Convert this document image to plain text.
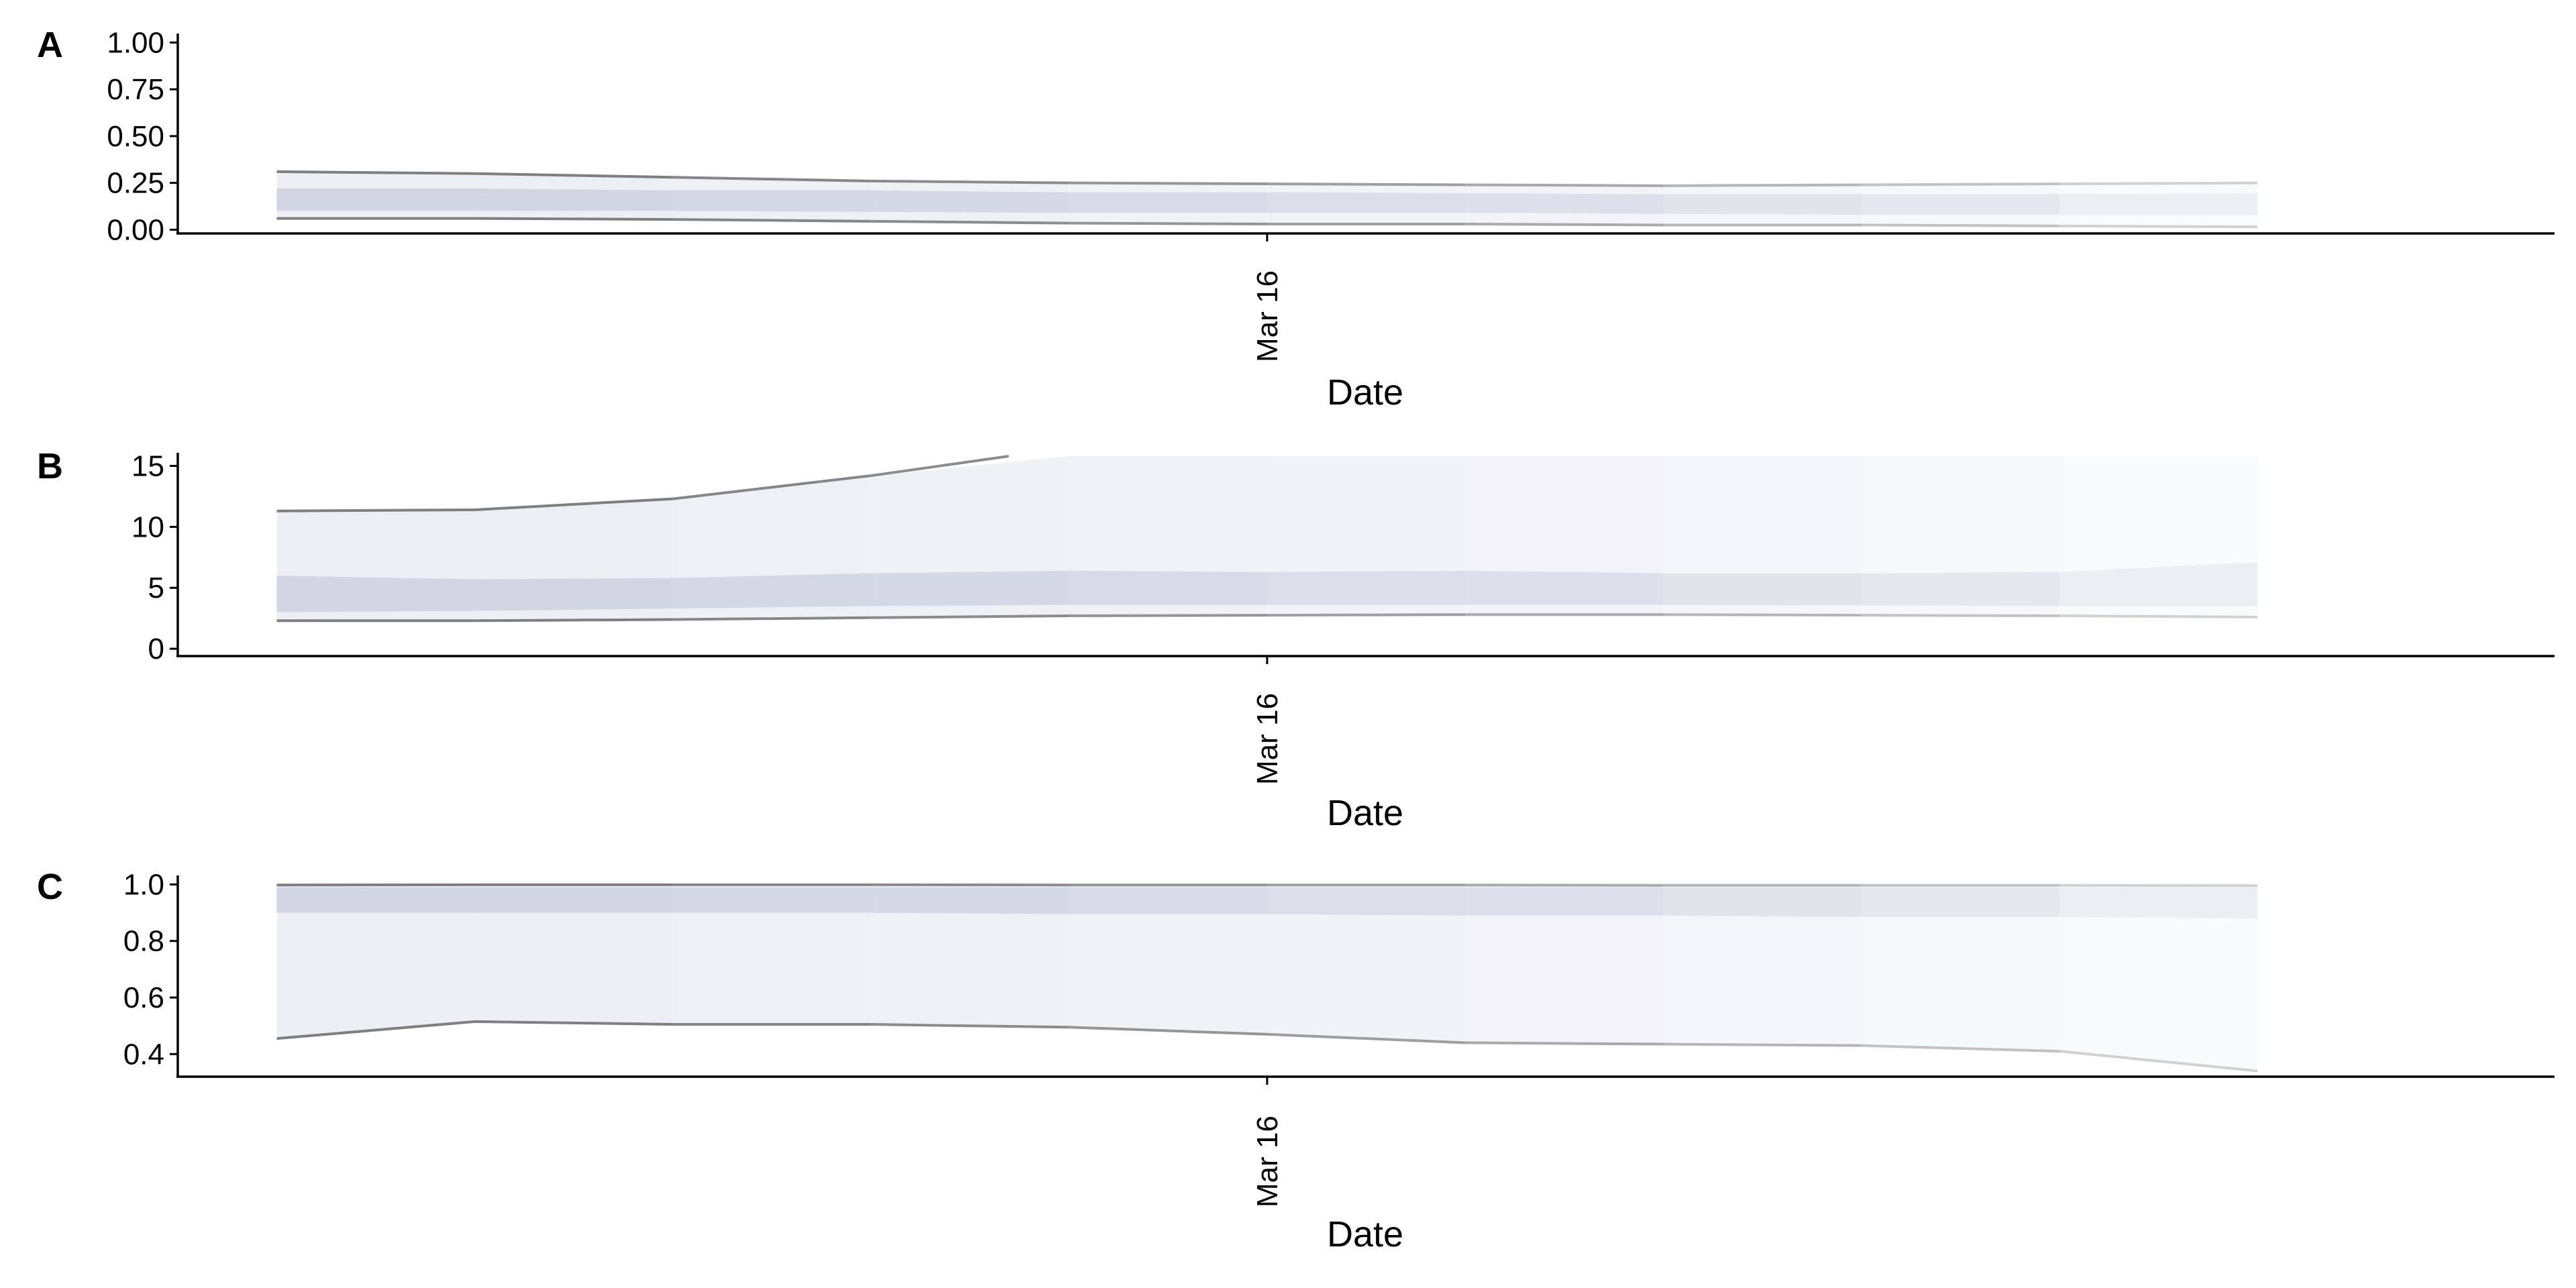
A
0.00
0.25
0.50
0.75
1.00
Mar 16
Date
B
0
5
10
15
Mar 16
Date
C
0.4
0.6
0.8
1.0
Mar 16
Date
